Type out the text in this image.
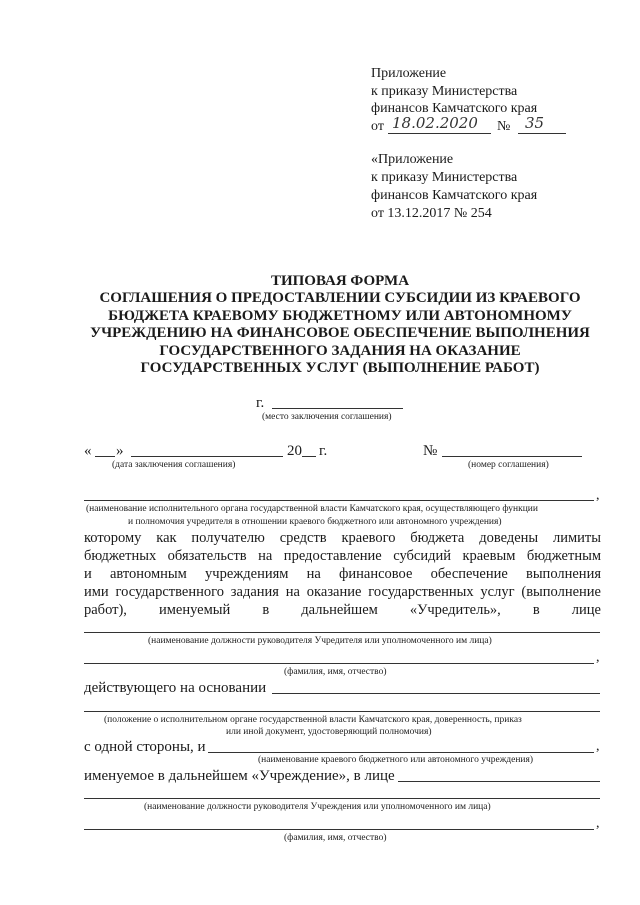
Приложение
к приказу Министерства
финансов Камчатского края
от 18.02.2020 № 35
«Приложение
к приказу Министерства
финансов Камчатского края
от 13.12.2017 № 254
ТИПОВАЯ ФОРМА
СОГЛАШЕНИЯ О ПРЕДОСТАВЛЕНИИ СУБСИДИИ ИЗ КРАЕВОГО
БЮДЖЕТА КРАЕВОМУ БЮДЖЕТНОМУ ИЛИ АВТОНОМНОМУ
УЧРЕЖДЕНИЮ НА ФИНАНСОВОЕ ОБЕСПЕЧЕНИЕ ВЫПОЛНЕНИЯ
ГОСУДАРСТВЕННОГО ЗАДАНИЯ НА ОКАЗАНИЕ
ГОСУДАРСТВЕННЫХ УСЛУГ (ВЫПОЛНЕНИЕ РАБОТ)
г.
(место заключения соглашения)
« »	20 г.
(дата заключения соглашения)
№
(номер соглашения)
,
(наименование исполнительного органа государственной власти Камчатского края, осуществляющего функции
и полномочия учредителя в отношении краевого бюджетного или автономного учреждения)
которому как получателю средств краевого бюджета доведены лимиты
бюджетных обязательств на предоставление субсидий краевым бюджетным
и автономным учреждениям на финансовое обеспечение выполнения
ими государственного задания на оказание государственных услуг (выполнение
работ), именуемый в дальнейшем «Учредитель», в лице
(наименование должности руководителя Учредителя или уполномоченного им лица)
,
(фамилия, имя, отчество)
действующего на основании
(положение о исполнительном органе государственной власти Камчатского края, доверенность, приказ
или иной документ, удостоверяющий полномочия)
с одной стороны, и	,
(наименование краевого бюджетного или автономного учреждения)
именуемое в дальнейшем «Учреждение», в лице
(наименование должности руководителя Учреждения или уполномоченного им лица)
,
(фамилия, имя, отчество)
